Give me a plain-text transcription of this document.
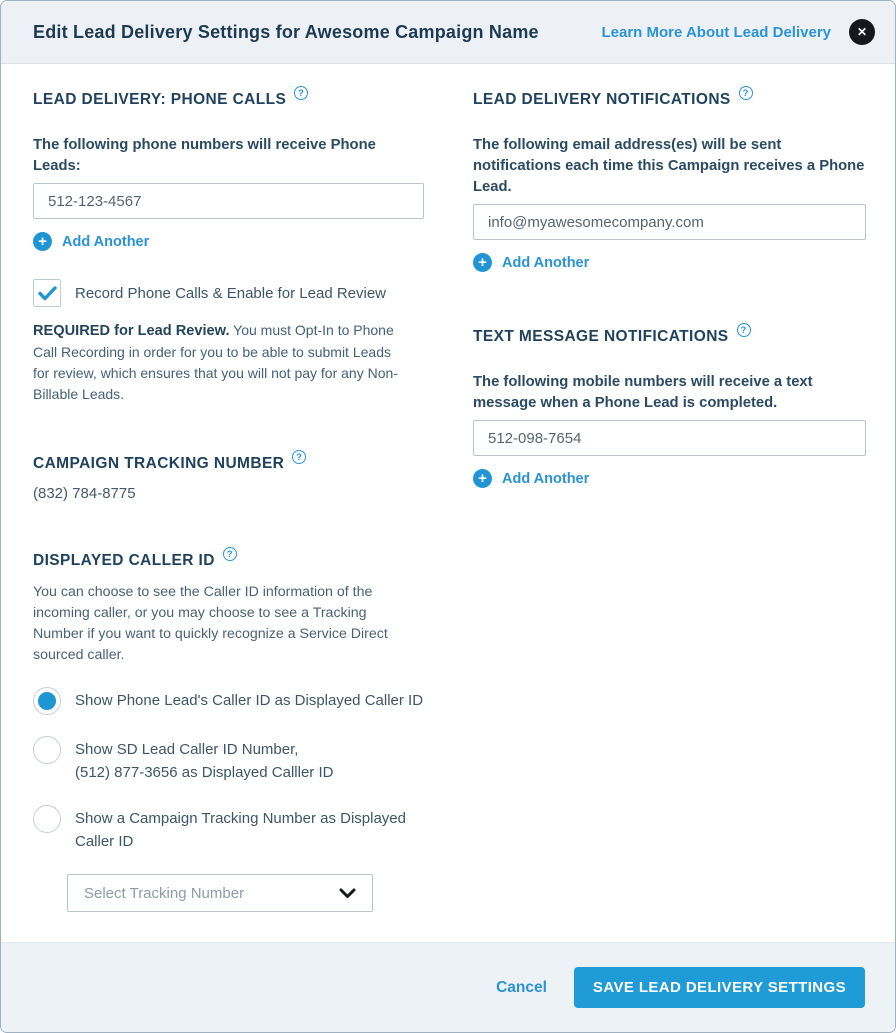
Edit Lead Delivery Settings for Awesome Campaign Name	Learn More About Lead Delivery ✕
LEAD DELIVERY: PHONE CALLS	?
The following phone numbers will receive Phone Leads:
512-123-4567
+	Add Another
Record Phone Calls & Enable for Lead Review

REQUIRED for Lead Review. You must Opt-In to Phone Call Recording in order for you to be able to submit Leads for review, which ensures that you will not pay for any Non-Billable Leads.

CAMPAIGN TRACKING NUMBER	?
(832) 784-8775
DISPLAYED CALLER ID	?

You can choose to see the Caller ID information of the incoming caller, or you may choose to see a Tracking Number if you want to quickly recognize a Service Direct sourced caller.

Show Phone Lead's Caller ID as Displayed Caller ID
Show SD Lead Caller ID Number,
(512) 877-3656 as Displayed Calller ID
Show a Campaign Tracking Number as Displayed
Caller ID
Select Tracking Number
LEAD DELIVERY NOTIFICATIONS	?
The following email address(es) will be sent notifications each time this Campaign receives a Phone Lead.
info@myawesomecompany.com
+	Add Another
TEXT MESSAGE NOTIFICATIONS	?
The following mobile numbers will receive a text message when a Phone Lead is completed.
512-098-7654
+	Add Another
Cancel	SAVE LEAD DELIVERY SETTINGS
